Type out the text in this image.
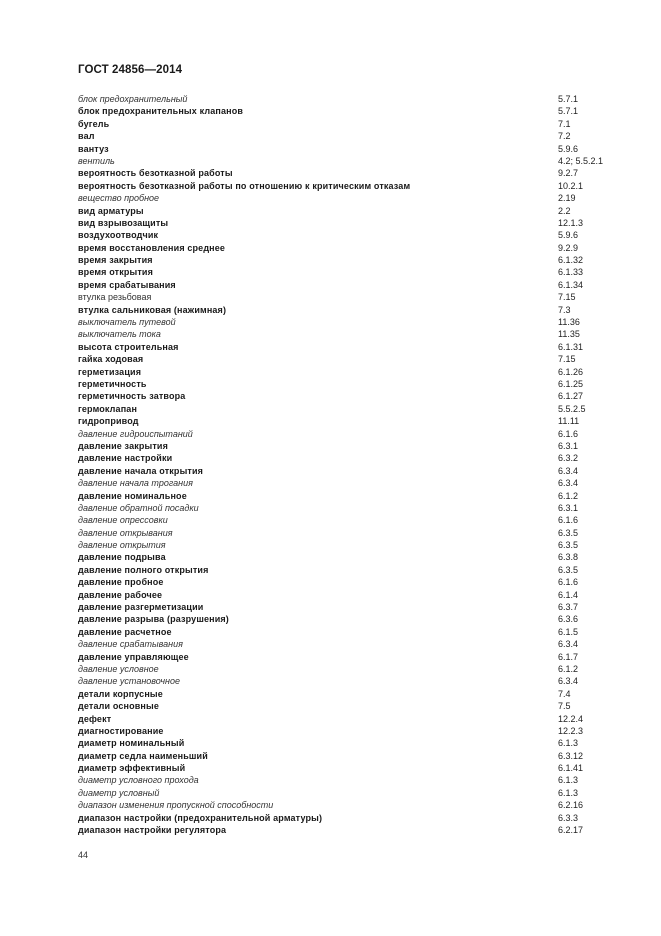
ГОСТ 24856—2014
блок предохранительный	5.7.1
блок предохранительных клапанов	5.7.1
бугель	7.1
вал	7.2
вантуз	5.9.6
вентиль	4.2; 5.5.2.1
вероятность безотказной работы	9.2.7
вероятность безотказной работы по отношению к критическим отказам	10.2.1
вещество пробное	2.19
вид арматуры	2.2
вид взрывозащиты	12.1.3
воздухоотводчик	5.9.6
время восстановления среднее	9.2.9
время закрытия	6.1.32
время открытия	6.1.33
время срабатывания	6.1.34
втулка резьбовая	7.15
втулка сальниковая (нажимная)	7.3
выключатель путевой	11.36
выключатель тока	11.35
высота строительная	6.1.31
гайка ходовая	7.15
герметизация	6.1.26
герметичность	6.1.25
герметичность затвора	6.1.27
гермоклапан	5.5.2.5
гидропривод	11.11
давление гидроиспытаний	6.1.6
давление закрытия	6.3.1
давление настройки	6.3.2
давление начала открытия	6.3.4
давление начала трогания	6.3.4
давление номинальное	6.1.2
давление обратной посадки	6.3.1
давление опрессовки	6.1.6
давление открывания	6.3.5
давление открытия	6.3.5
давление подрыва	6.3.8
давление полного открытия	6.3.5
давление пробное	6.1.6
давление рабочее	6.1.4
давление разгерметизации	6.3.7
давление разрыва (разрушения)	6.3.6
давление расчетное	6.1.5
давление срабатывания	6.3.4
давление управляющее	6.1.7
давление условное	6.1.2
давление установочное	6.3.4
детали корпусные	7.4
детали основные	7.5
дефект	12.2.4
диагностирование	12.2.3
диаметр номинальный	6.1.3
диаметр седла наименьший	6.3.12
диаметр эффективный	6.1.41
диаметр условного прохода	6.1.3
диаметр условный	6.1.3
диапазон изменения пропускной способности	6.2.16
диапазон настройки (предохранительной арматуры)	6.3.3
диапазон настройки регулятора	6.2.17
44
